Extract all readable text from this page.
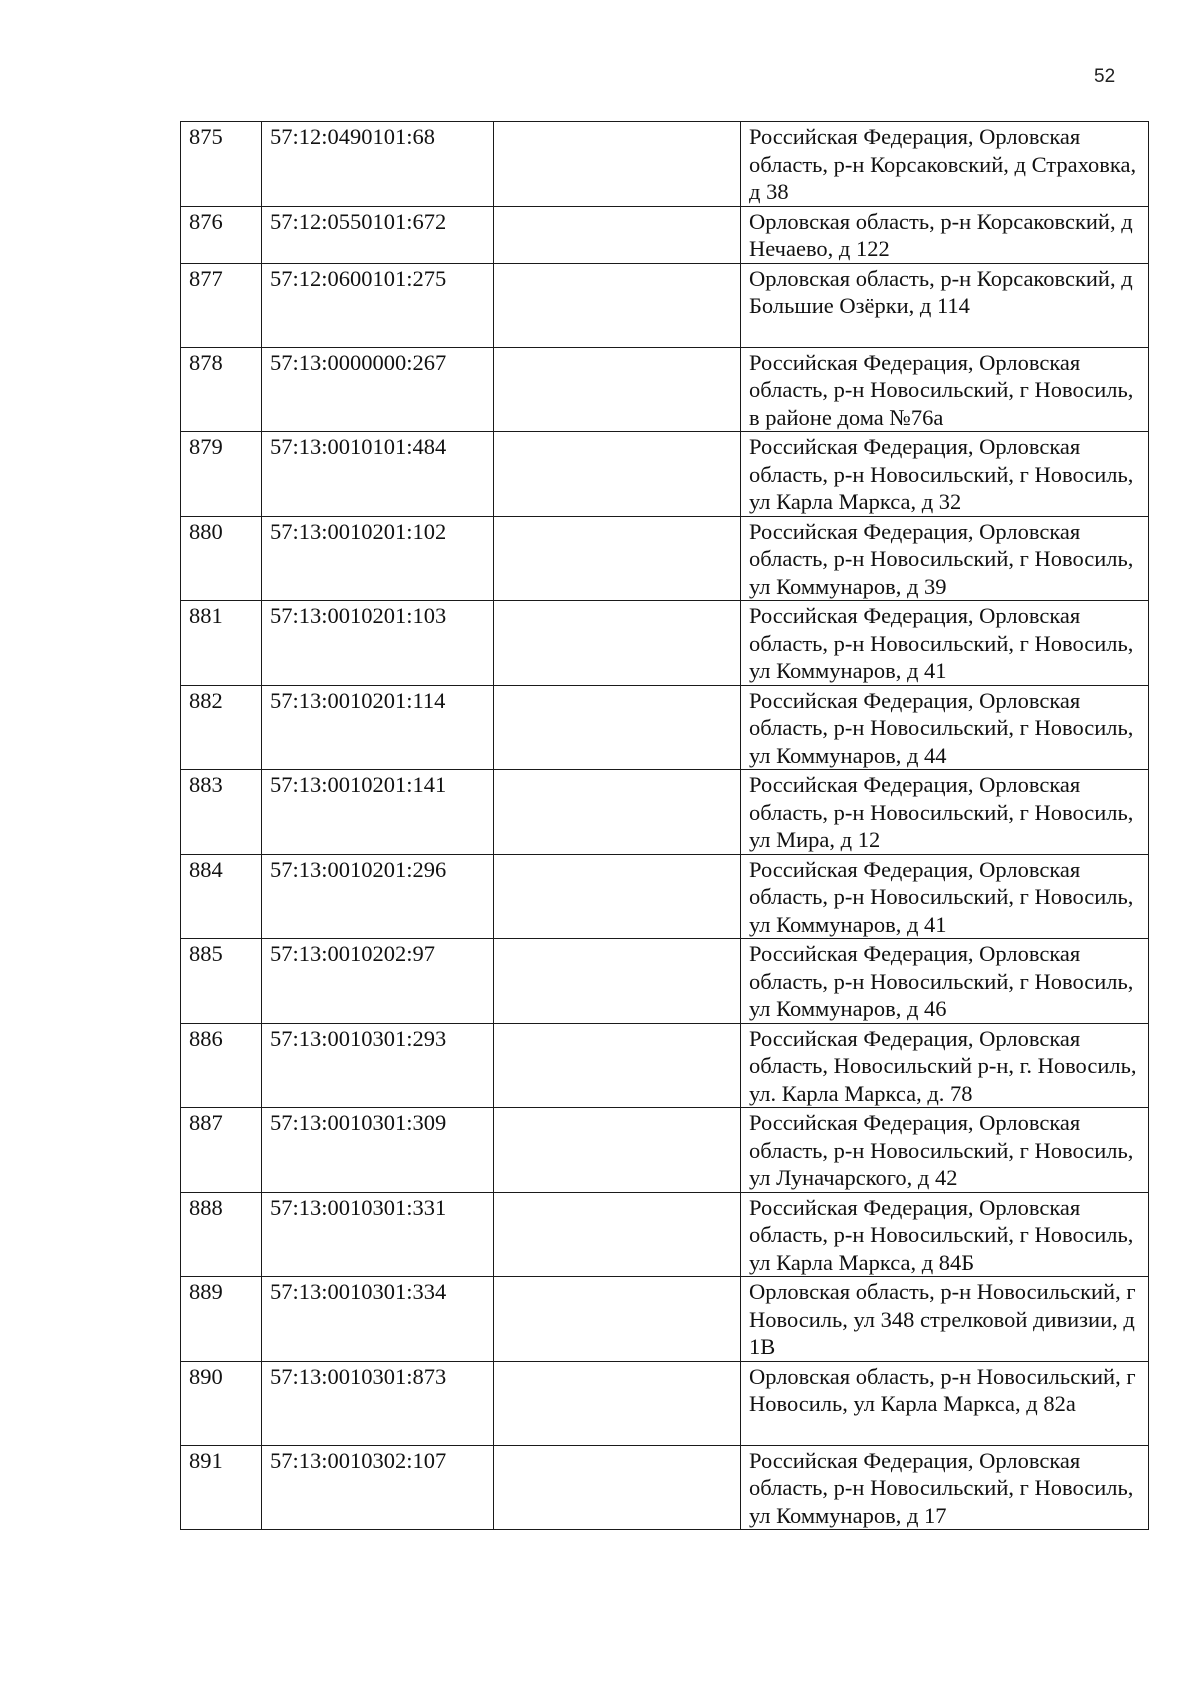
52
875	57:12:0490101:68		Российская Федерация, Орловская область, р-н Корсаковский, д Страховка, д 38
876	57:12:0550101:672		Орловская область, р-н Корсаковский, д Нечаево, д 122
877	57:12:0600101:275		Орловская область, р-н Корсаковский, д Большие Озёрки, д 114
878	57:13:0000000:267		Российская Федерация, Орловская область, р-н Новосильский, г Новосиль, в районе дома №76а
879	57:13:0010101:484		Российская Федерация, Орловская область, р-н Новосильский, г Новосиль, ул Карла Маркса, д 32
880	57:13:0010201:102		Российская Федерация, Орловская область, р-н Новосильский, г Новосиль, ул Коммунаров, д 39
881	57:13:0010201:103		Российская Федерация, Орловская область, р-н Новосильский, г Новосиль, ул Коммунаров, д 41
882	57:13:0010201:114		Российская Федерация, Орловская область, р-н Новосильский, г Новосиль, ул Коммунаров, д 44
883	57:13:0010201:141		Российская Федерация, Орловская область, р-н Новосильский, г Новосиль, ул Мира, д 12
884	57:13:0010201:296		Российская Федерация, Орловская область, р-н Новосильский, г Новосиль, ул Коммунаров, д 41
885	57:13:0010202:97		Российская Федерация, Орловская область, р-н Новосильский, г Новосиль, ул Коммунаров, д 46
886	57:13:0010301:293		Российская Федерация, Орловская область, Новосильский р-н, г. Новосиль, ул. Карла Маркса, д. 78
887	57:13:0010301:309		Российская Федерация, Орловская область, р-н Новосильский, г Новосиль, ул Луначарского, д 42
888	57:13:0010301:331		Российская Федерация, Орловская область, р-н Новосильский, г Новосиль, ул Карла Маркса, д 84Б
889	57:13:0010301:334		Орловская область, р-н Новосильский, г Новосиль, ул 348 стрелковой дивизии, д 1В
890	57:13:0010301:873		Орловская область, р-н Новосильский, г Новосиль, ул Карла Маркса, д 82а
891	57:13:0010302:107		Российская Федерация, Орловская область, р-н Новосильский, г Новосиль, ул Коммунаров, д 17
